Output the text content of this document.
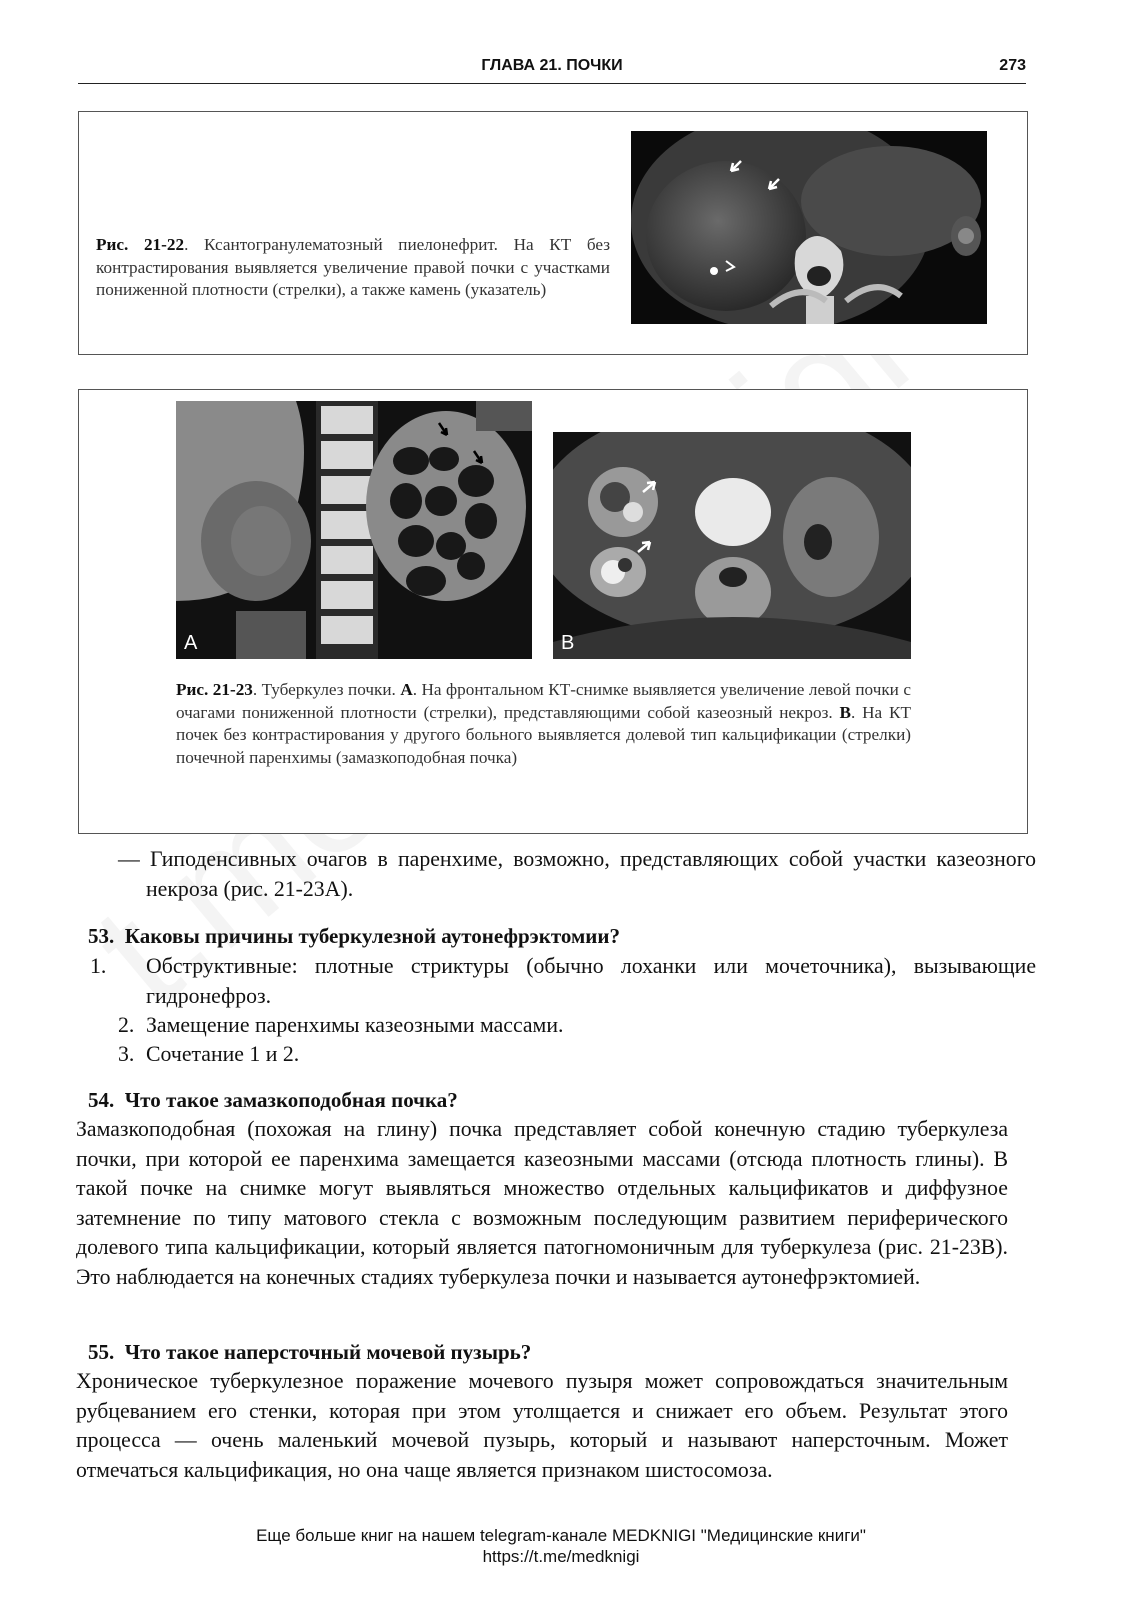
ГЛАВА 21. ПОЧКИ	273
Рис. 21-22. Ксантогранулематозный пиелонефрит. На КТ без контрастирования выявляется увеличение правой почки с участками пониженной плотности (стрелки), а также камень (указатель)
A	B
Рис. 21-23. Туберкулез почки. А. На фронтальном КТ-снимке выявляется увеличение левой почки с очагами пониженной плотности (стрелки), представляющими собой казеозный некроз. В. На КТ почек без контрастирования у другого больного выявляется долевой тип кальцификации (стрелки) почечной паренхимы (замазкоподобная почка)
— Гиподенсивных очагов в паренхиме, возможно, представляющих собой участки казеозного некроза (рис. 21-23А).
53. Каковы причины туберкулезной аутонефрэктомии?
1. Обструктивные: плотные стриктуры (обычно лоханки или мочеточника), вызывающие гидронефроз.
2. Замещение паренхимы казеозными массами.
3. Сочетание 1 и 2.
54. Что такое замазкоподобная почка?
Замазкоподобная (похожая на глину) почка представляет собой конечную стадию туберкулеза почки, при которой ее паренхима замещается казеозными массами (отсюда плотность глины). В такой почке на снимке могут выявляться множество отдельных кальцификатов и диффузное затемнение по типу матового стекла с возможным последующим развитием периферического долевого типа кальцификации, который является патогномоничным для туберкулеза (рис. 21-23В). Это наблюдается на конечных стадиях туберкулеза почки и называется аутонефрэктомией.
55. Что такое наперсточный мочевой пузырь?
Хроническое туберкулезное поражение мочевого пузыря может сопровождаться значительным рубцеванием его стенки, которая при этом утолщается и снижает его объем. Результат этого процесса — очень маленький мочевой пузырь, который и называют наперсточным. Может отмечаться кальцификация, но она чаще является признаком шистосомоза.
Еще больше книг на нашем telegram-канале MEDKNIGI "Медицинские книги"
https://t.me/medknigi
